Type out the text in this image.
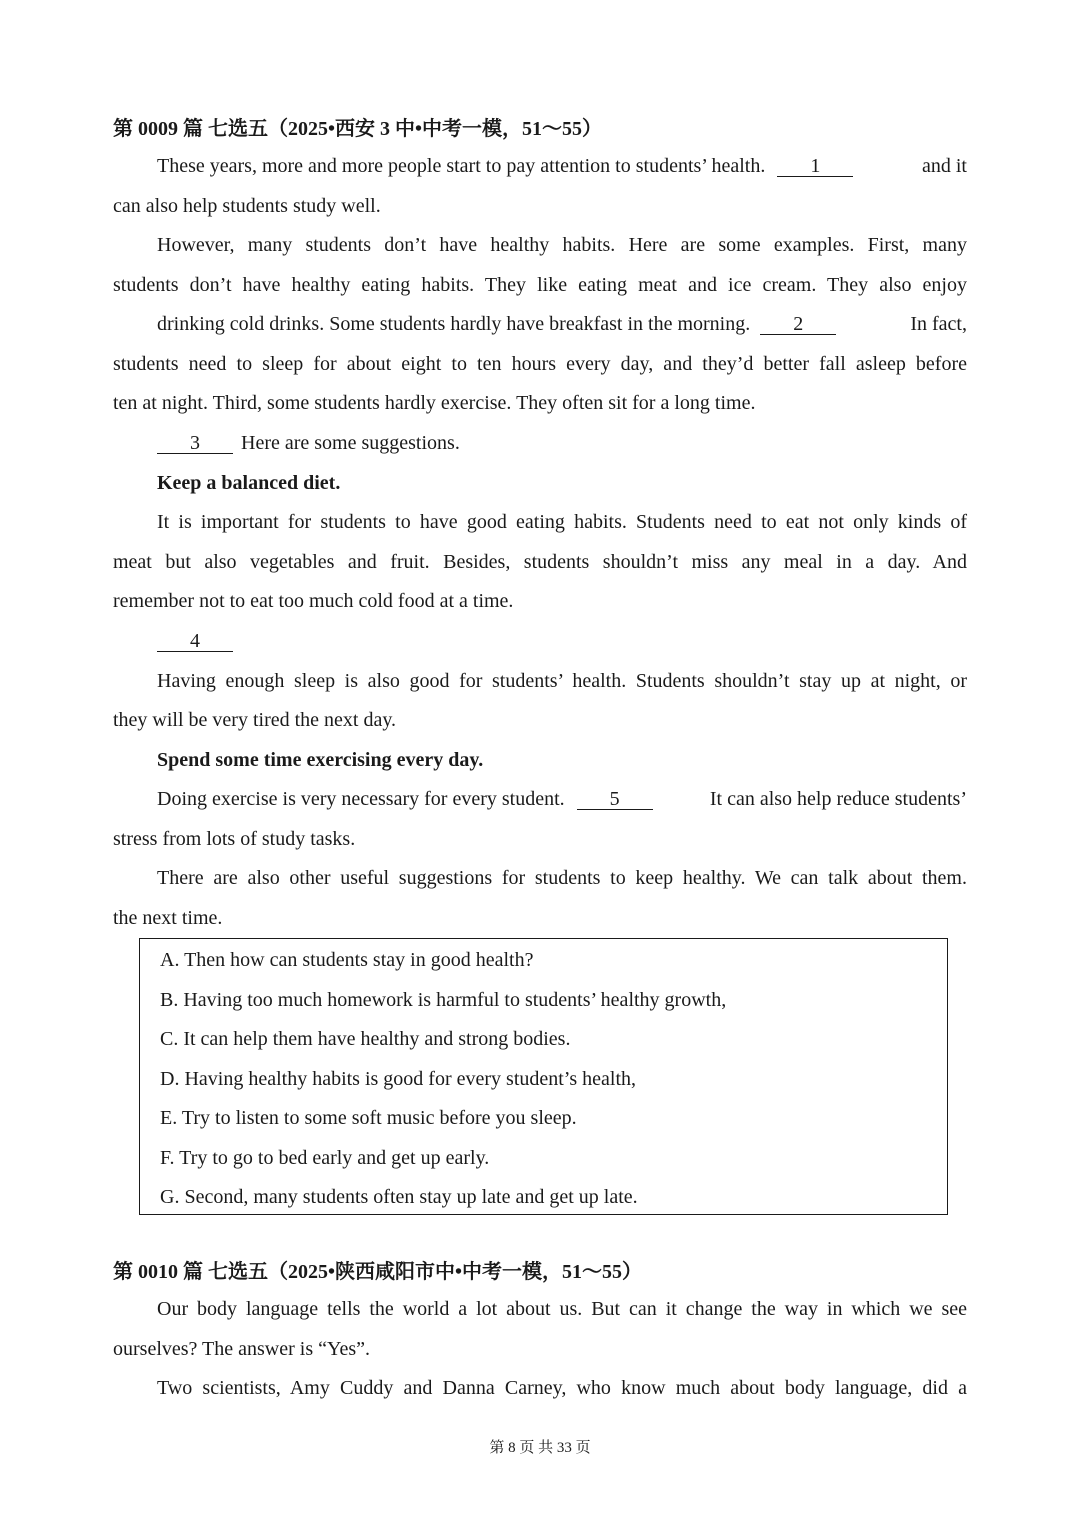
第 0009 篇 七选五（2025•西安 3 中•中考一模，51～55）
These years, more and more people start to pay attention to students’ health. 1	and it
can also help students study well.
However, many students don’t have healthy habits. Here are some examples. First, many
students don’t have healthy eating habits. They like eating meat and ice cream. They also enjoy
drinking cold drinks. Some students hardly have breakfast in the morning. 2	In fact,
students need to sleep for about eight to ten hours every day, and they’d better fall asleep before
ten at night. Third, some students hardly exercise. They often sit for a long time.
3 Here are some suggestions.
Keep a balanced diet.
It is important for students to have good eating habits. Students need to eat not only kinds of
meat but also vegetables and fruit. Besides, students shouldn’t miss any meal in a day. And
remember not to eat too much cold food at a time.
4
Having enough sleep is also good for students’ health. Students shouldn’t stay up at night, or
they will be very tired the next day.
Spend some time exercising every day.
Doing exercise is very necessary for every student. 5	It can also help reduce students’
stress from lots of study tasks.
There are also other useful suggestions for students to keep healthy. We can talk about them.
the next time.
A. Then how can students stay in good health?
B. Having too much homework is harmful to students’ healthy growth,
C. It can help them have healthy and strong bodies.
D. Having healthy habits is good for every student’s health,
E. Try to listen to some soft music before you sleep.
F. Try to go to bed early and get up early.
G. Second, many students often stay up late and get up late.
第 0010 篇 七选五（2025•陕西咸阳市中•中考一模，51～55）
Our body language tells the world a lot about us. But can it change the way in which we see
ourselves? The answer is “Yes”.
Two scientists, Amy Cuddy and Danna Carney, who know much about body language, did a
第 8 页 共 33 页
